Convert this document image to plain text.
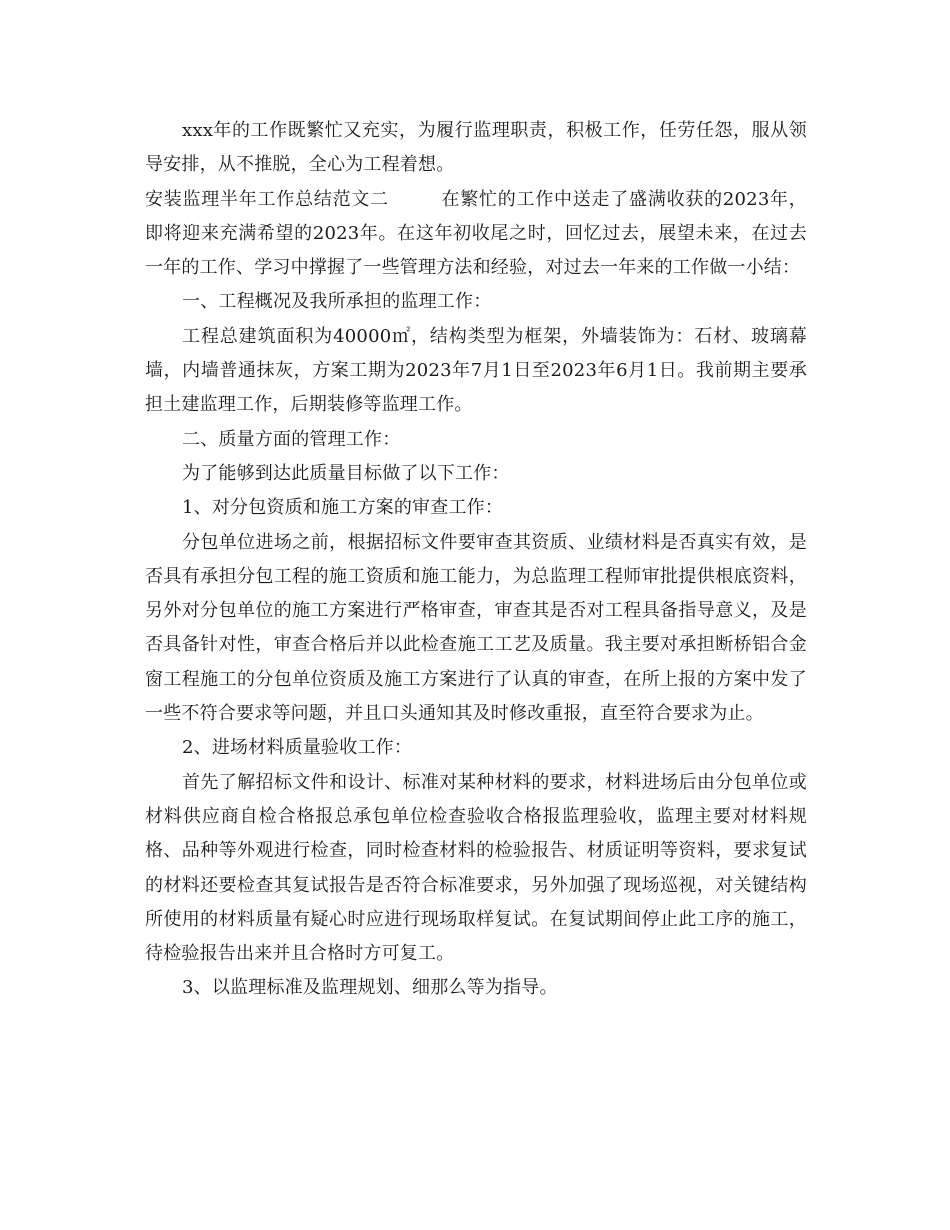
xxx年的工作既繁忙又充实，为履行监理职责，积极工作，任劳任怨，服从领导安排，从不推脱，全心为工程着想。

安装监理半年工作总结范文二	在繁忙的工作中送走了盛满收获的2023年，即将迎来充满希望的2023年。在这年初收尾之时，回忆过去，展望未来，在过去一年的工作、学习中撑握了一些管理方法和经验，对过去一年来的工作做一小结：

一、工程概况及我所承担的监理工作：

工程总建筑面积为40000㎡，结构类型为框架，外墙装饰为：石材、玻璃幕墙，内墙普通抹灰，方案工期为2023年7月1日至2023年6月1日。我前期主要承担土建监理工作，后期装修等监理工作。

二、质量方面的管理工作：

为了能够到达此质量目标做了以下工作：

1、对分包资质和施工方案的审查工作：

分包单位进场之前，根据招标文件要审查其资质、业绩材料是否真实有效，是否具有承担分包工程的施工资质和施工能力，为总监理工程师审批提供根底资料，另外对分包单位的施工方案进行严格审查，审查其是否对工程具备指导意义，及是否具备针对性，审查合格后并以此检查施工工艺及质量。我主要对承担断桥铝合金窗工程施工的分包单位资质及施工方案进行了认真的审查，在所上报的方案中发了一些不符合要求等问题，并且口头通知其及时修改重报，直至符合要求为止。

2、进场材料质量验收工作：

首先了解招标文件和设计、标准对某种材料的要求，材料进场后由分包单位或材料供应商自检合格报总承包单位检查验收合格报监理验收，监理主要对材料规格、品种等外观进行检查，同时检查材料的检验报告、材质证明等资料，要求复试的材料还要检查其复试报告是否符合标准要求，另外加强了现场巡视，对关键结构所使用的材料质量有疑心时应进行现场取样复试。在复试期间停止此工序的施工，待检验报告出来并且合格时方可复工。

3、以监理标准及监理规划、细那么等为指导。
